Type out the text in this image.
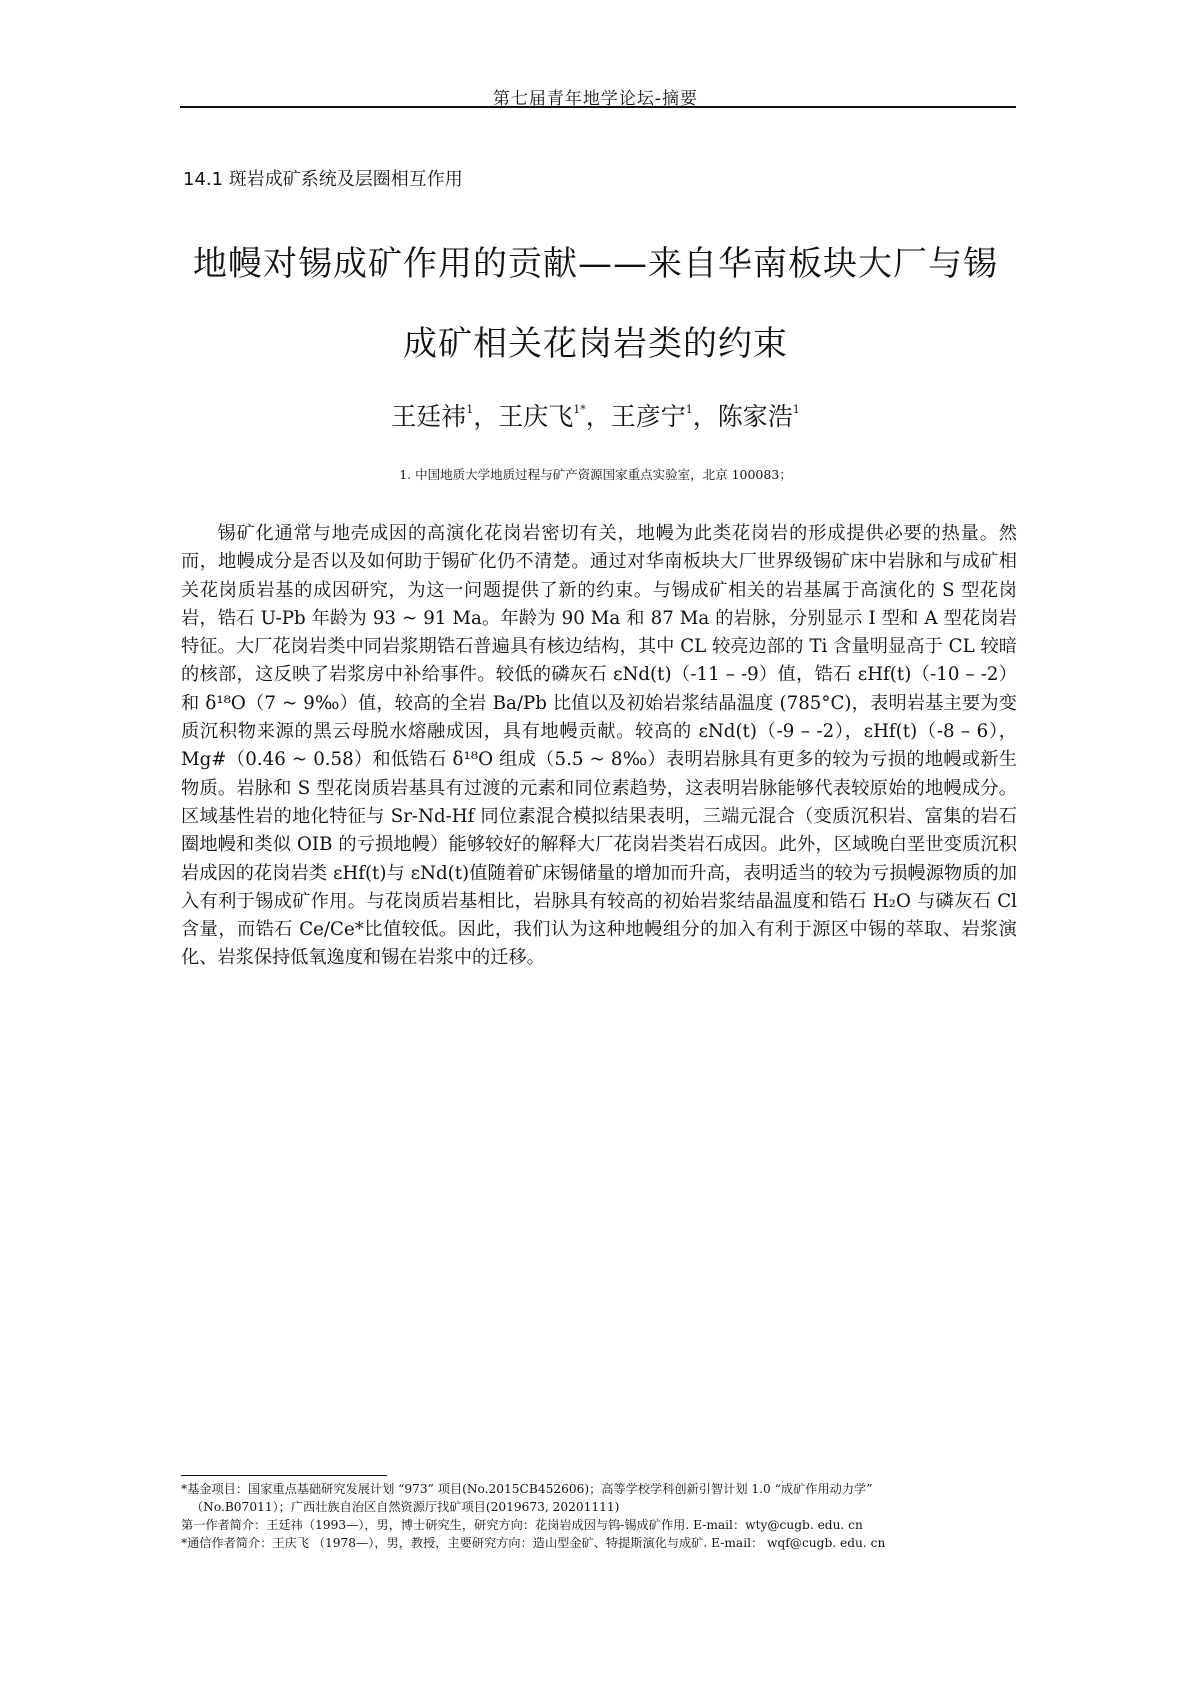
第七届青年地学论坛-摘要
14.1 斑岩成矿系统及层圈相互作用
地幔对锡成矿作用的贡献——来自华南板块大厂与锡
成矿相关花岗岩类的约束
王廷祎$^1$，王庆飞$^{1*}$，王彦宁$^1$，陈家浩$^1$
1. 中国地质大学地质过程与矿产资源国家重点实验室，北京 100083；

锡矿化通常与地壳成因的高演化花岗岩密切有关，地幔为此类花岗岩的形成提供必要的热量。然而，地幔成分是否以及如何助于锡矿化仍不清楚。通过对华南板块大厂世界级锡矿床中岩脉和与成矿相关花岗质岩基的成因研究，为这一问题提供了新的约束。与锡成矿相关的岩基属于高演化的 S 型花岗岩，锆石 U-Pb 年龄为 93 ~ 91 Ma。年龄为 90 Ma 和 87 Ma 的岩脉，分别显示 I 型和 A 型花岗岩特征。大厂花岗岩类中同岩浆期锆石普遍具有核边结构，其中 CL 较亮边部的 Ti 含量明显高于 CL 较暗的核部，这反映了岩浆房中补给事件。较低的磷灰石 εNd(t)（-11 – -9）值，锆石 εHf(t)（-10 – -2）和 δ¹⁸O（7 ~ 9‰）值，较高的全岩 Ba/Pb 比值以及初始岩浆结晶温度 (785°C)，表明岩基主要为变质沉积物来源的黑云母脱水熔融成因，具有地幔贡献。较高的 εNd(t)（-9 – -2），εHf(t)（-8 – 6），Mg#（0.46 ~ 0.58）和低锆石 δ¹⁸O 组成（5.5 ~ 8‰）表明岩脉具有更多的较为亏损的地幔或新生物质。岩脉和 S 型花岗质岩基具有过渡的元素和同位素趋势，这表明岩脉能够代表较原始的地幔成分。区域基性岩的地化特征与 Sr-Nd-Hf 同位素混合模拟结果表明，三端元混合（变质沉积岩、富集的岩石圈地幔和类似 OIB 的亏损地幔）能够较好的解释大厂花岗岩类岩石成因。此外，区域晚白垩世变质沉积岩成因的花岗岩类 εHf(t)与 εNd(t)值随着矿床锡储量的增加而升高，表明适当的较为亏损幔源物质的加入有利于锡成矿作用。与花岗质岩基相比，岩脉具有较高的初始岩浆结晶温度和锆石 H₂O 与磷灰石 Cl 含量，而锆石 Ce/Ce*比值较低。因此，我们认为这种地幔组分的加入有利于源区中锡的萃取、岩浆演化、岩浆保持低氧逸度和锡在岩浆中的迁移。

*基金项目：国家重点基础研究发展计划 “973” 项目(No.2015CB452606)；高等学校学科创新引智计划 1.0 “成矿作用动力学”

（No.B07011）；广西壮族自治区自然资源厅找矿项目(2019673, 20201111)

第一作者简介：王廷祎（1993—），男，博士研究生，研究方向：花岗岩成因与钨-锡成矿作用. E-mail：wty@cugb. edu. cn

*通信作者简介：王庆飞 （1978—），男，教授，主要研究方向：造山型金矿、特提斯演化与成矿. E-mail： wqf@cugb. edu. cn
